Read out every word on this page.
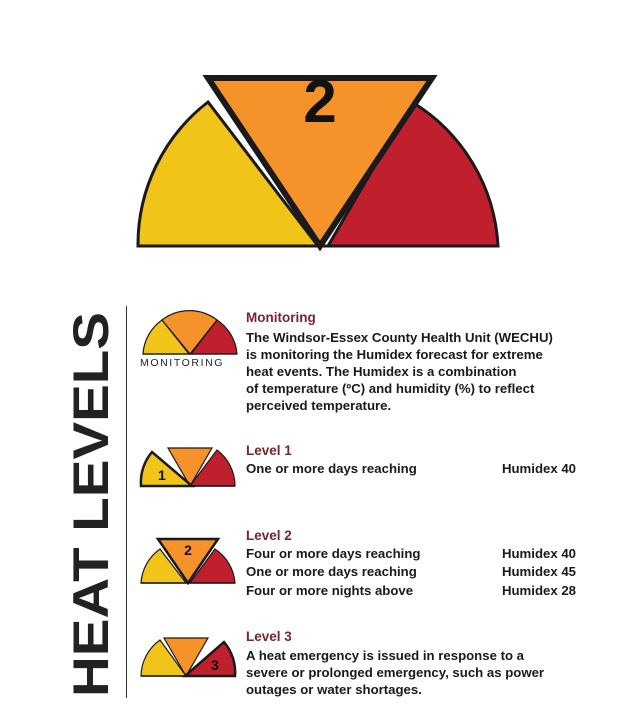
2
HEAT LEVELS MONITORING
Monitoring
The Windsor-Essex County Health Unit (WECHU)
is monitoring the Humidex forecast for extreme
heat events. The Humidex is a combination
of temperature (ºC) and humidity (%) to reflect
perceived temperature.
1
Level 1
One or more days reaching	Humidex 40
2
Level 2
Four or more days reaching	Humidex 40
One or more days reaching	Humidex 45
Four or more nights above	Humidex 28
3
Level 3
A heat emergency is issued in response to a
severe or prolonged emergency, such as power
outages or water shortages.
